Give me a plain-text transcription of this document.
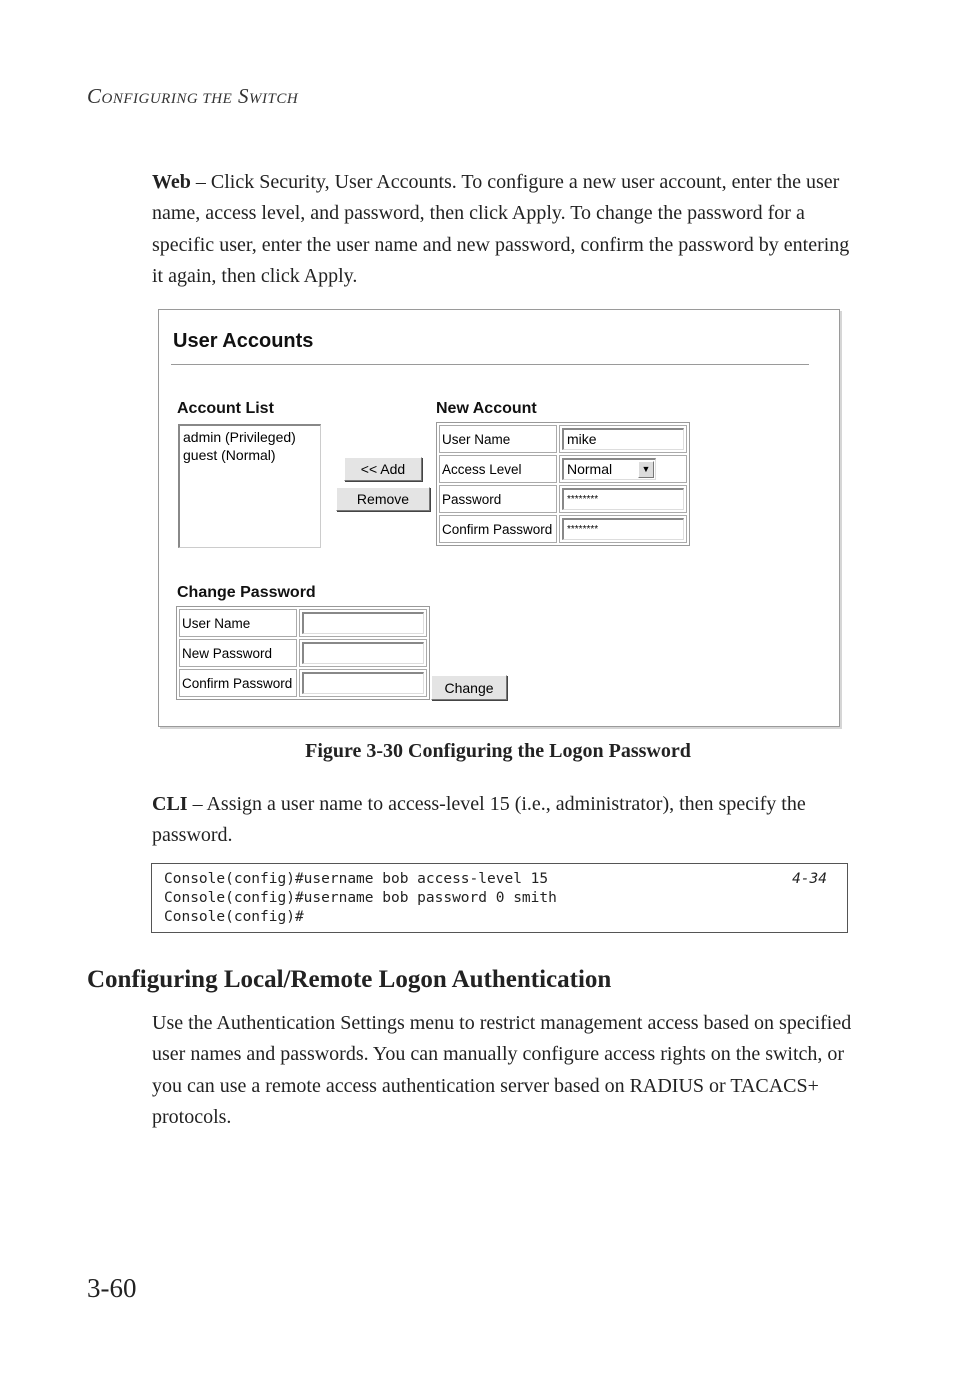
CONFIGURING THE SWITCH
Web – Click Security, User Accounts. To configure a new user account, enter the user name, access level, and password, then click Apply. To change the password for a specific user, enter the user name and new password, confirm the password by entering it again, then click Apply.
User Accounts
Account List
admin (Privileged)
guest (Normal)
<< Add
Remove
New Account
User Name	mike

Access Level	Normal ▼

Password	********

Confirm Password	********
Change Password
User Name	

New Password	

Confirm Password		Change
Figure 3-30 Configuring the Logon Password
CLI – Assign a user name to access-level 15 (i.e., administrator), then specify the password.
Console(config)#username bob access-level 15
Console(config)#username bob password 0 smith
Console(config)#
4-34
Configuring Local/Remote Logon Authentication
Use the Authentication Settings menu to restrict management access based on specified user names and passwords. You can manually configure access rights on the switch, or you can use a remote access authentication server based on RADIUS or TACACS+ protocols.
3-60
